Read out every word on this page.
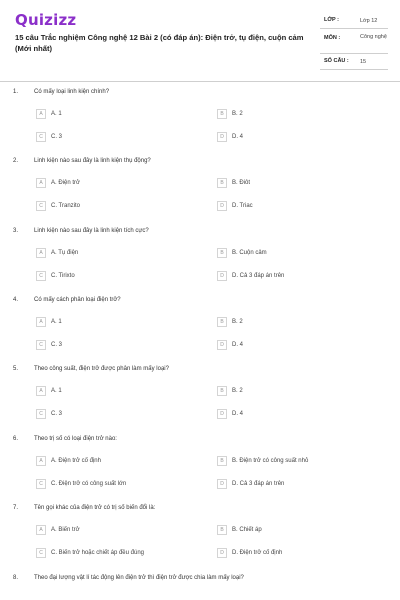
Quizizz
15 câu Trắc nghiệm Công nghệ 12 Bài 2 (có đáp án): Điện trở, tụ điện, cuộn cảm (Mới nhất)
LỚP :	Lớp 12
MÔN :	Công nghệ
SỐ CÂU : 15
1.	Có mấy loại linh kiện chính?
A	A. 1	B	B. 2
C	C. 3	D	D. 4
2.	Linh kiện nào sau đây là linh kiện thụ động?
A	A. Điện trở	B	B. Điôt
C	C. Tranzito	D	D. Triac
3.	Linh kiện nào sau đây là linh kiện tích cực?
A	A. Tụ điện	B	B. Cuộn cảm
C	C. Tirixto	D	D. Cả 3 đáp án trên
4.	Có mấy cách phân loại điện trở?
A	A. 1	B	B. 2
C	C. 3	D	D. 4
5.	Theo công suất, điện trở được phân làm mấy loại?
A	A. 1	B	B. 2
C	C. 3	D	D. 4
6.	Theo trị số có loại điện trở nào:
A	A. Điện trở cố định	B	B. Điện trở có công suất nhỏ
C	C. Điện trở có công suất lớn	D	D. Cả 3 đáp án trên
7.	Tên gọi khác của điện trở có trị số biến đổi là:
A	A. Biến trở	B	B. Chiết áp
C	C. Biến trở hoặc chiết áp đều đúng	D	D. Điện trở cố định
8.	Theo đại lượng vật lí tác động lên điện trở thì điện trở được chia làm mấy loại?
